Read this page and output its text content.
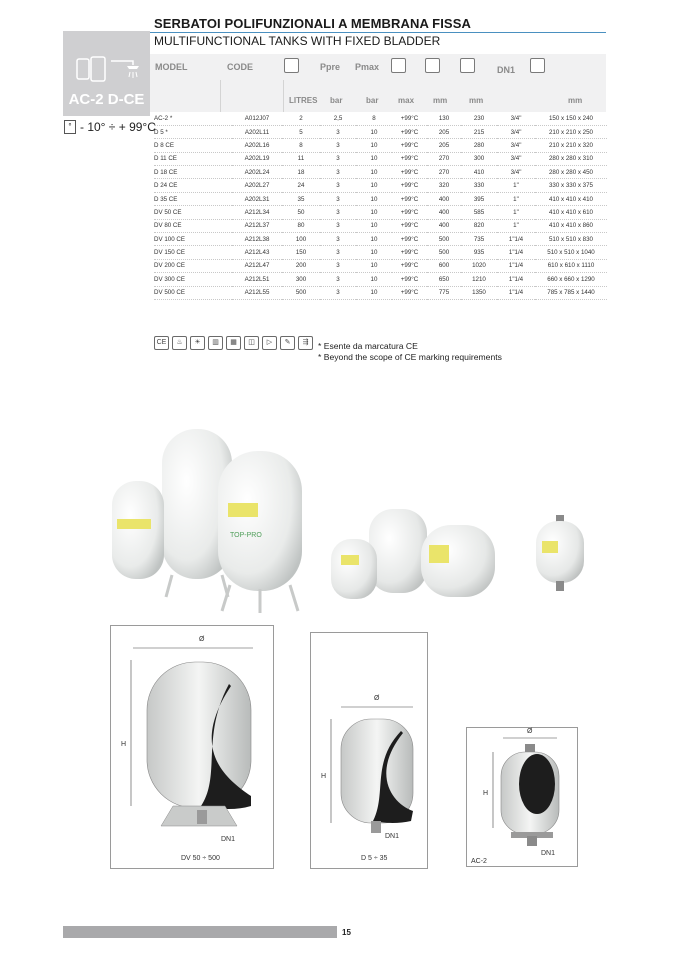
SERBATOI POLIFUNZIONALI A MEMBRANA FISSA
MULTIFUNCTIONAL TANKS WITH FIXED BLADDER
AC-2 D-CE
° - 10° ÷ + 99°C
MODEL	CODE	Ppre Pmax	DN1
LITRES bar	bar max mm	mm	mm
AC-2 *	A012J07	2	2,5	8	+99°C	130	230	3/4"	150 x 150 x 240
D 5 *	A202L11	5	3	10	+99°C	205	215	3/4"	210 x 210 x 250
D 8 CE	A202L16	8	3	10	+99°C	205	280	3/4"	210 x 210 x 320
D 11 CE	A202L19	11	3	10	+99°C	270	300	3/4"	280 x 280 x 310
D 18 CE	A202L24	18	3	10	+99°C	270	410	3/4"	280 x 280 x 450
D 24 CE	A202L27	24	3	10	+99°C	320	330	1"	330 x 330 x 375
D 35 CE	A202L31	35	3	10	+99°C	400	395	1"	410 x 410 x 410
DV 50 CE	A212L34	50	3	10	+99°C	400	585	1"	410 x 410 x 610
DV 80 CE	A212L37	80	3	10	+99°C	400	820	1"	410 x 410 x 860
DV 100 CE	A212L38	100	3	10	+99°C	500	735	1"1/4	510 x 510 x 830
DV 150 CE	A212L43	150	3	10	+99°C	500	935	1"1/4	510 x 510 x 1040
DV 200 CE	A212L47	200	3	10	+99°C	600	1020	1"1/4	610 x 610 x 1110
DV 300 CE	A212L51	300	3	10	+99°C	650	1210	1"1/4	660 x 660 x 1290
DV 500 CE	A212L55	500	3	10	+99°C	775	1350	1"1/4	785 x 785 x 1440
CE	♨	☀	▥	▦	◫	▷	✎	⇶	* Esente da marcatura CE
* Beyond the scope of CE marking requirements
TOP-PRO
Ø
H
DN1
DV 50 ÷ 500
Ø
H
DN1
D 5 ÷ 35
Ø
H
DN1
AC-2
15
